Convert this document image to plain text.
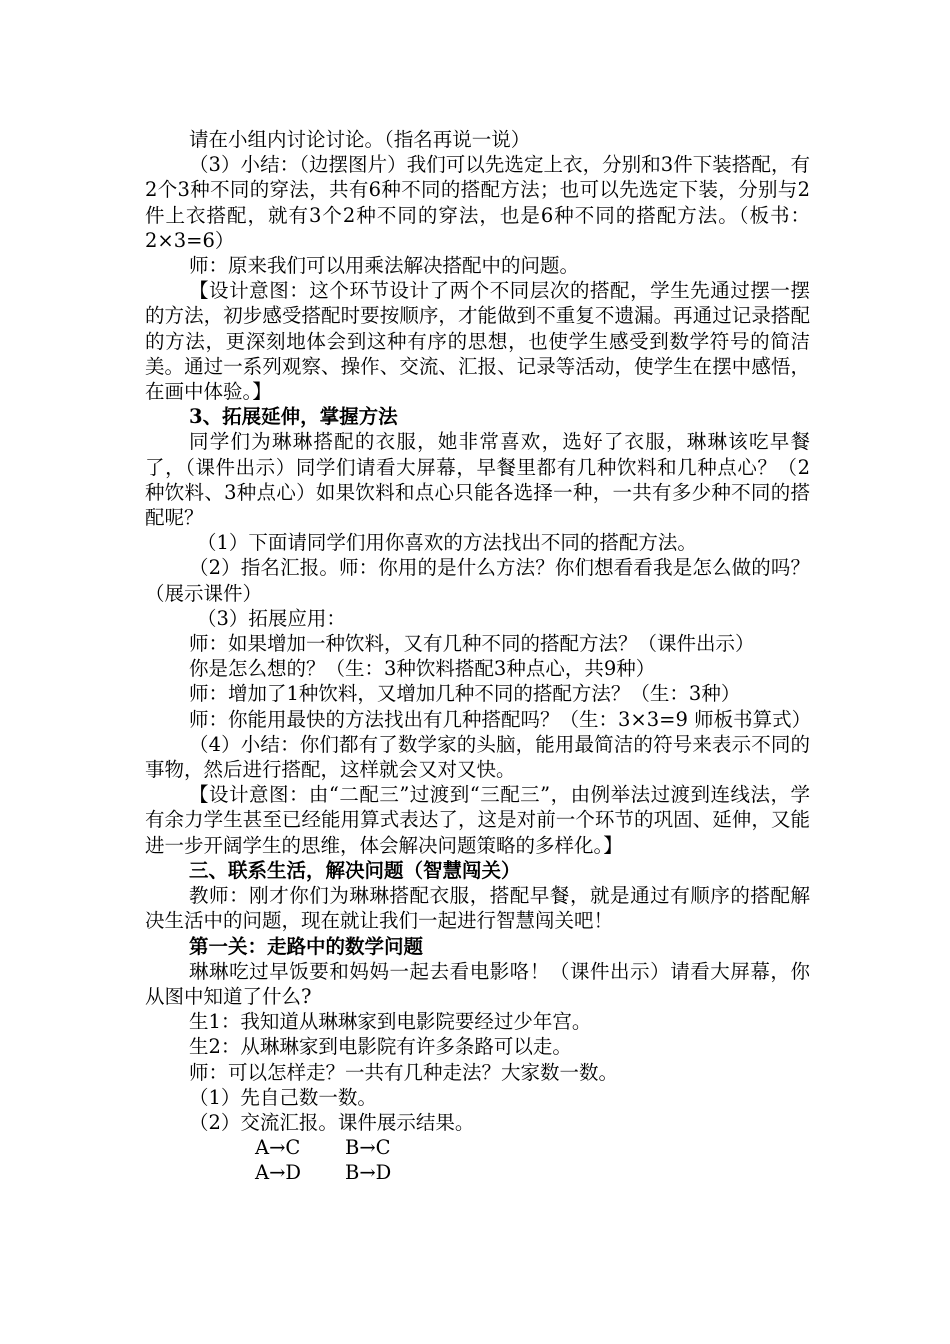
请在小组内讨论讨论。（指名再说一说）

（3）小结：（边摆图片）我们可以先选定上衣，分别和3件下装搭配，有2个3种不同的穿法，共有6种不同的搭配方法；也可以先选定下装，分别与2件上衣搭配，就有3个2种不同的穿法，也是6种不同的搭配方法。（板书：2×3=6）

师：原来我们可以用乘法解决搭配中的问题。

【设计意图：这个环节设计了两个不同层次的搭配，学生先通过摆一摆的方法，初步感受搭配时要按顺序，才能做到不重复不遗漏。再通过记录搭配的方法，更深刻地体会到这种有序的思想，也使学生感受到数学符号的简洁美。通过一系列观察、操作、交流、汇报、记录等活动，使学生在摆中感悟，在画中体验。】

3、拓展延伸，掌握方法

同学们为琳琳搭配的衣服，她非常喜欢，选好了衣服，琳琳该吃早餐了，（课件出示）同学们请看大屏幕，早餐里都有几种饮料和几种点心？（2种饮料、3种点心）如果饮料和点心只能各选择一种，一共有多少种不同的搭配呢？

（1）下面请同学们用你喜欢的方法找出不同的搭配方法。

（2）指名汇报。师：你用的是什么方法？你们想看看我是怎么做的吗？（展示课件）

（3）拓展应用：

师：如果增加一种饮料，又有几种不同的搭配方法？（课件出示）

你是怎么想的？（生：3种饮料搭配3种点心，共9种）

师：增加了1种饮料，又增加几种不同的搭配方法？（生：3种）

师：你能用最快的方法找出有几种搭配吗？（生：3×3=9 师板书算式）

（4）小结：你们都有了数学家的头脑，能用最简洁的符号来表示不同的事物，然后进行搭配，这样就会又对又快。

【设计意图：由“二配三”过渡到“三配三”，由例举法过渡到连线法，学有余力学生甚至已经能用算式表达了，这是对前一个环节的巩固、延伸，又能进一步开阔学生的思维，体会解决问题策略的多样化。】

三、联系生活，解决问题（智慧闯关）

教师：刚才你们为琳琳搭配衣服，搭配早餐，就是通过有顺序的搭配解决生活中的问题，现在就让我们一起进行智慧闯关吧！

第一关：走路中的数学问题

琳琳吃过早饭要和妈妈一起去看电影咯！（课件出示）请看大屏幕，你从图中知道了什么?

生1：我知道从琳琳家到电影院要经过少年宫。

生2：从琳琳家到电影院有许多条路可以走。

师：可以怎样走？一共有几种走法？大家数一数。

（1）先自己数一数。

（2）交流汇报。课件展示结果。

A→C	B→C
A→D	B→D
